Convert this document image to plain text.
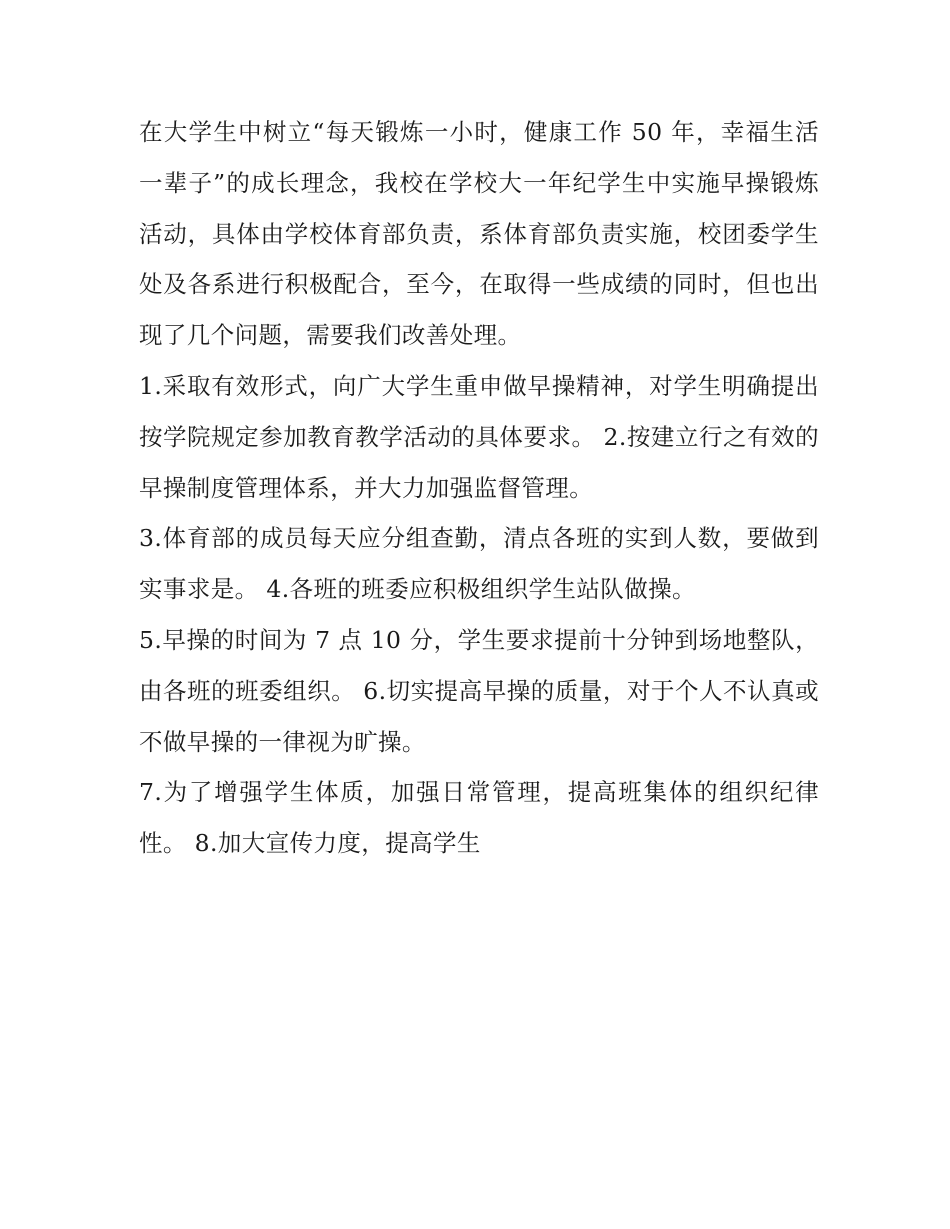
在大学生中树立“每天锻炼一小时，健康工作 50 年，幸福生活一辈子”的成长理念，我校在学校大一年纪学生中实施早操锻炼活动，具体由学校体育部负责，系体育部负责实施，校团委学生处及各系进行积极配合，至今，在取得一些成绩的同时，但也出现了几个问题，需要我们改善处理。

1.采取有效形式，向广大学生重申做早操精神，对学生明确提出按学院规定参加教育教学活动的具体要求。 2.按建立行之有效的早操制度管理体系，并大力加强监督管理。

3.体育部的成员每天应分组查勤，清点各班的实到人数，要做到实事求是。 4.各班的班委应积极组织学生站队做操。

5.早操的时间为 7 点 10 分，学生要求提前十分钟到场地整队，由各班的班委组织。 6.切实提高早操的质量，对于个人不认真或不做早操的一律视为旷操。

7.为了增强学生体质，加强日常管理，提高班集体的组织纪律性。 8.加大宣传力度，提高学生
